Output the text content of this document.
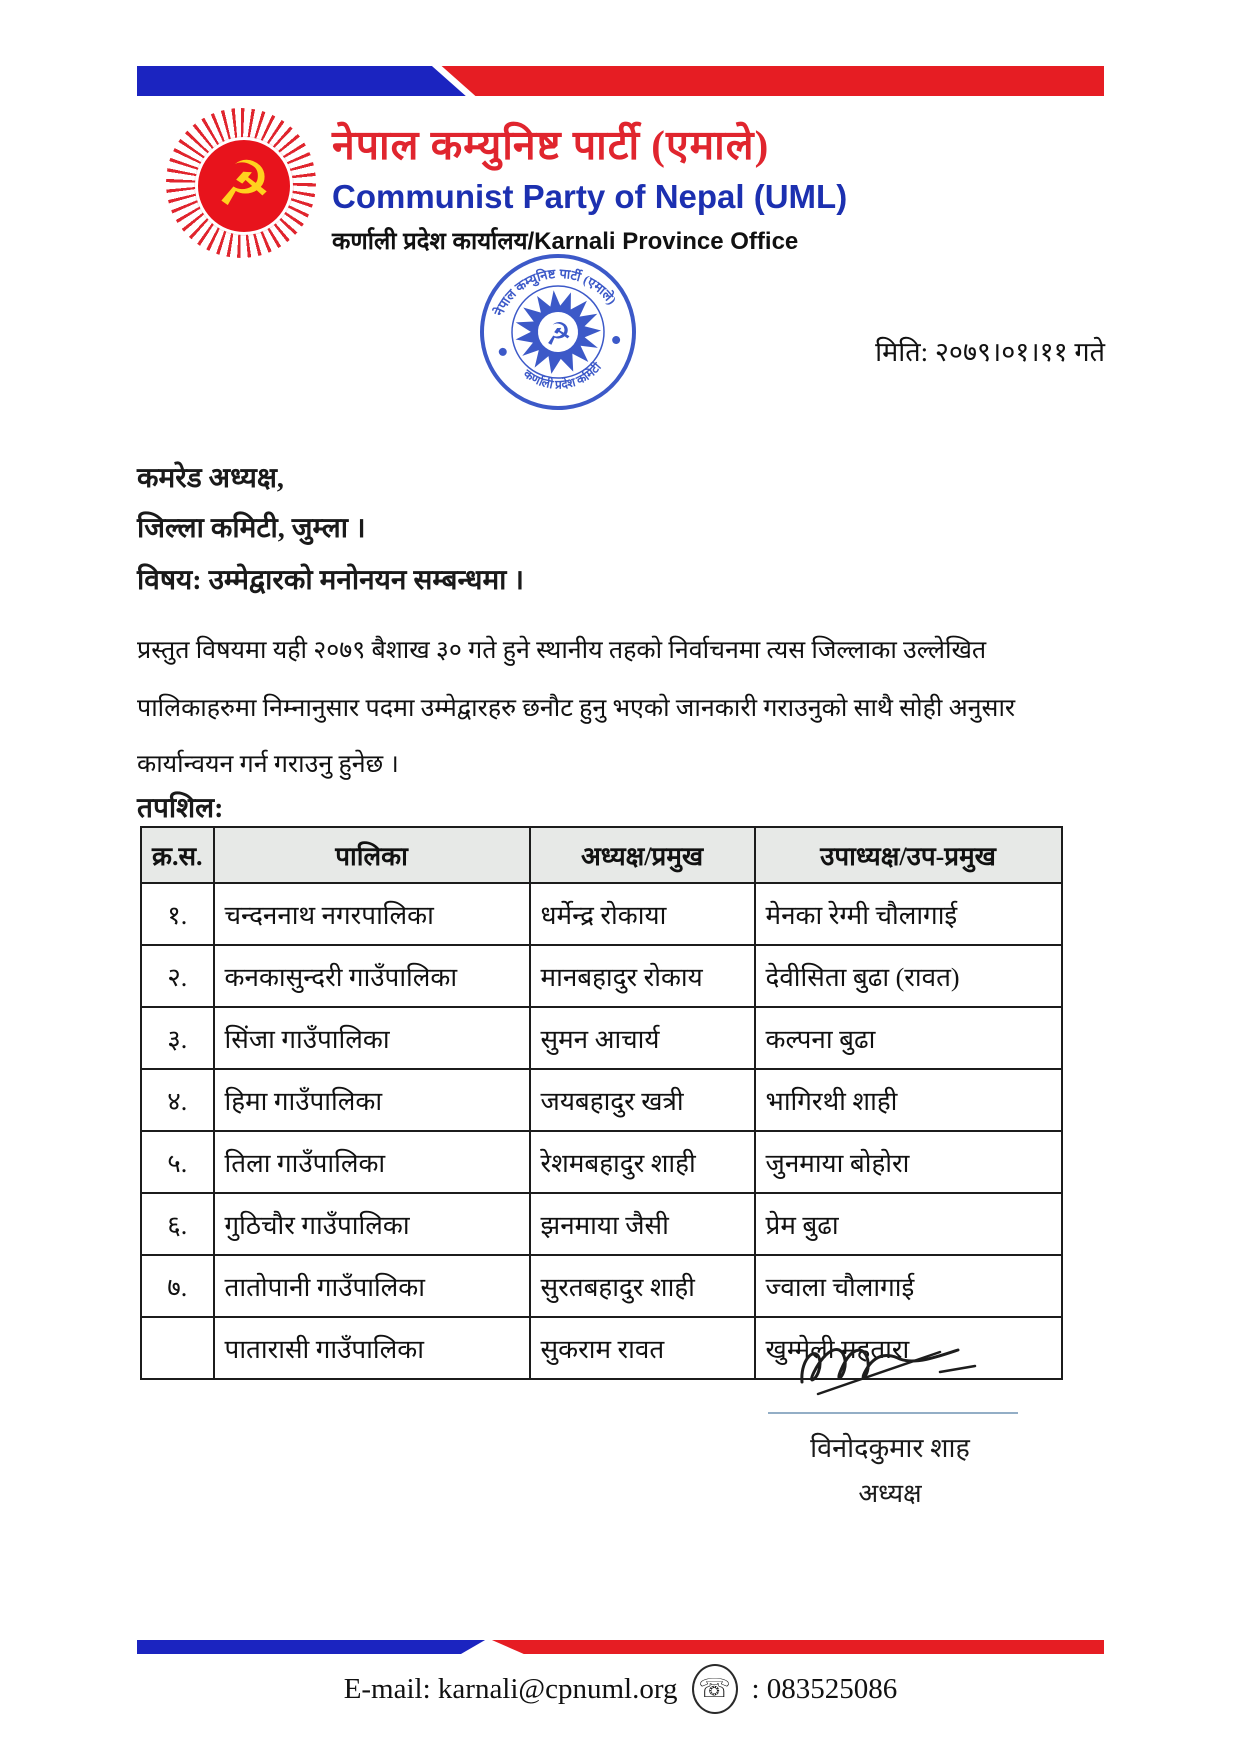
☭
नेपाल कम्युनिष्ट पार्टी (एमाले)
Communist Party of Nepal (UML)
कर्णाली प्रदेश कार्यालय/Karnali Province Office
☭
नेपाल कम्युनिष्ट पार्टी (एमाले)
कर्णाली प्रदेश कमिटी
मिति: २०७९।०१।११ गते
कमरेड अध्यक्ष,
जिल्ला कमिटी, जुम्ला ।
विषय: उम्मेद्वारको मनोनयन सम्बन्धमा ।
प्रस्तुत विषयमा यही २०७९ बैशाख ३० गते हुने स्थानीय तहको निर्वाचनमा त्यस जिल्लाका उल्लेखित
पालिकाहरुमा निम्नानुसार पदमा उम्मेद्वारहरु छनौट हुनु भएको जानकारी गराउनुको साथै सोही अनुसार
कार्यान्वयन गर्न गराउनु हुनेछ ।
तपशिल:
क्र.स.	पालिका	अध्यक्ष/प्रमुख	उपाध्यक्ष/उप-प्रमुख
१.	चन्दननाथ नगरपालिका	धर्मेन्द्र रोकाया	मेनका रेग्मी चौलागाई
२.	कनकासुन्दरी गाउँपालिका	मानबहादुर रोकाय	देवीसिता बुढा (रावत)
३.	सिंजा गाउँपालिका	सुमन आचार्य	कल्पना बुढा
४.	हिमा गाउँपालिका	जयबहादुर खत्री	भागिरथी शाही
५.	तिला गाउँपालिका	रेशमबहादुर शाही	जुनमाया बोहोरा
६.	गुठिचौर गाउँपालिका	झनमाया जैसी	प्रेम बुढा
७.	तातोपानी गाउँपालिका	सुरतबहादुर शाही	ज्वाला चौलागाई
	पातारासी गाउँपालिका	सुकराम रावत	खुम्मेली महतारा
विनोदकुमार शाह
अध्यक्ष
E-mail: karnali@cpnuml.org ☏ : 083525086
